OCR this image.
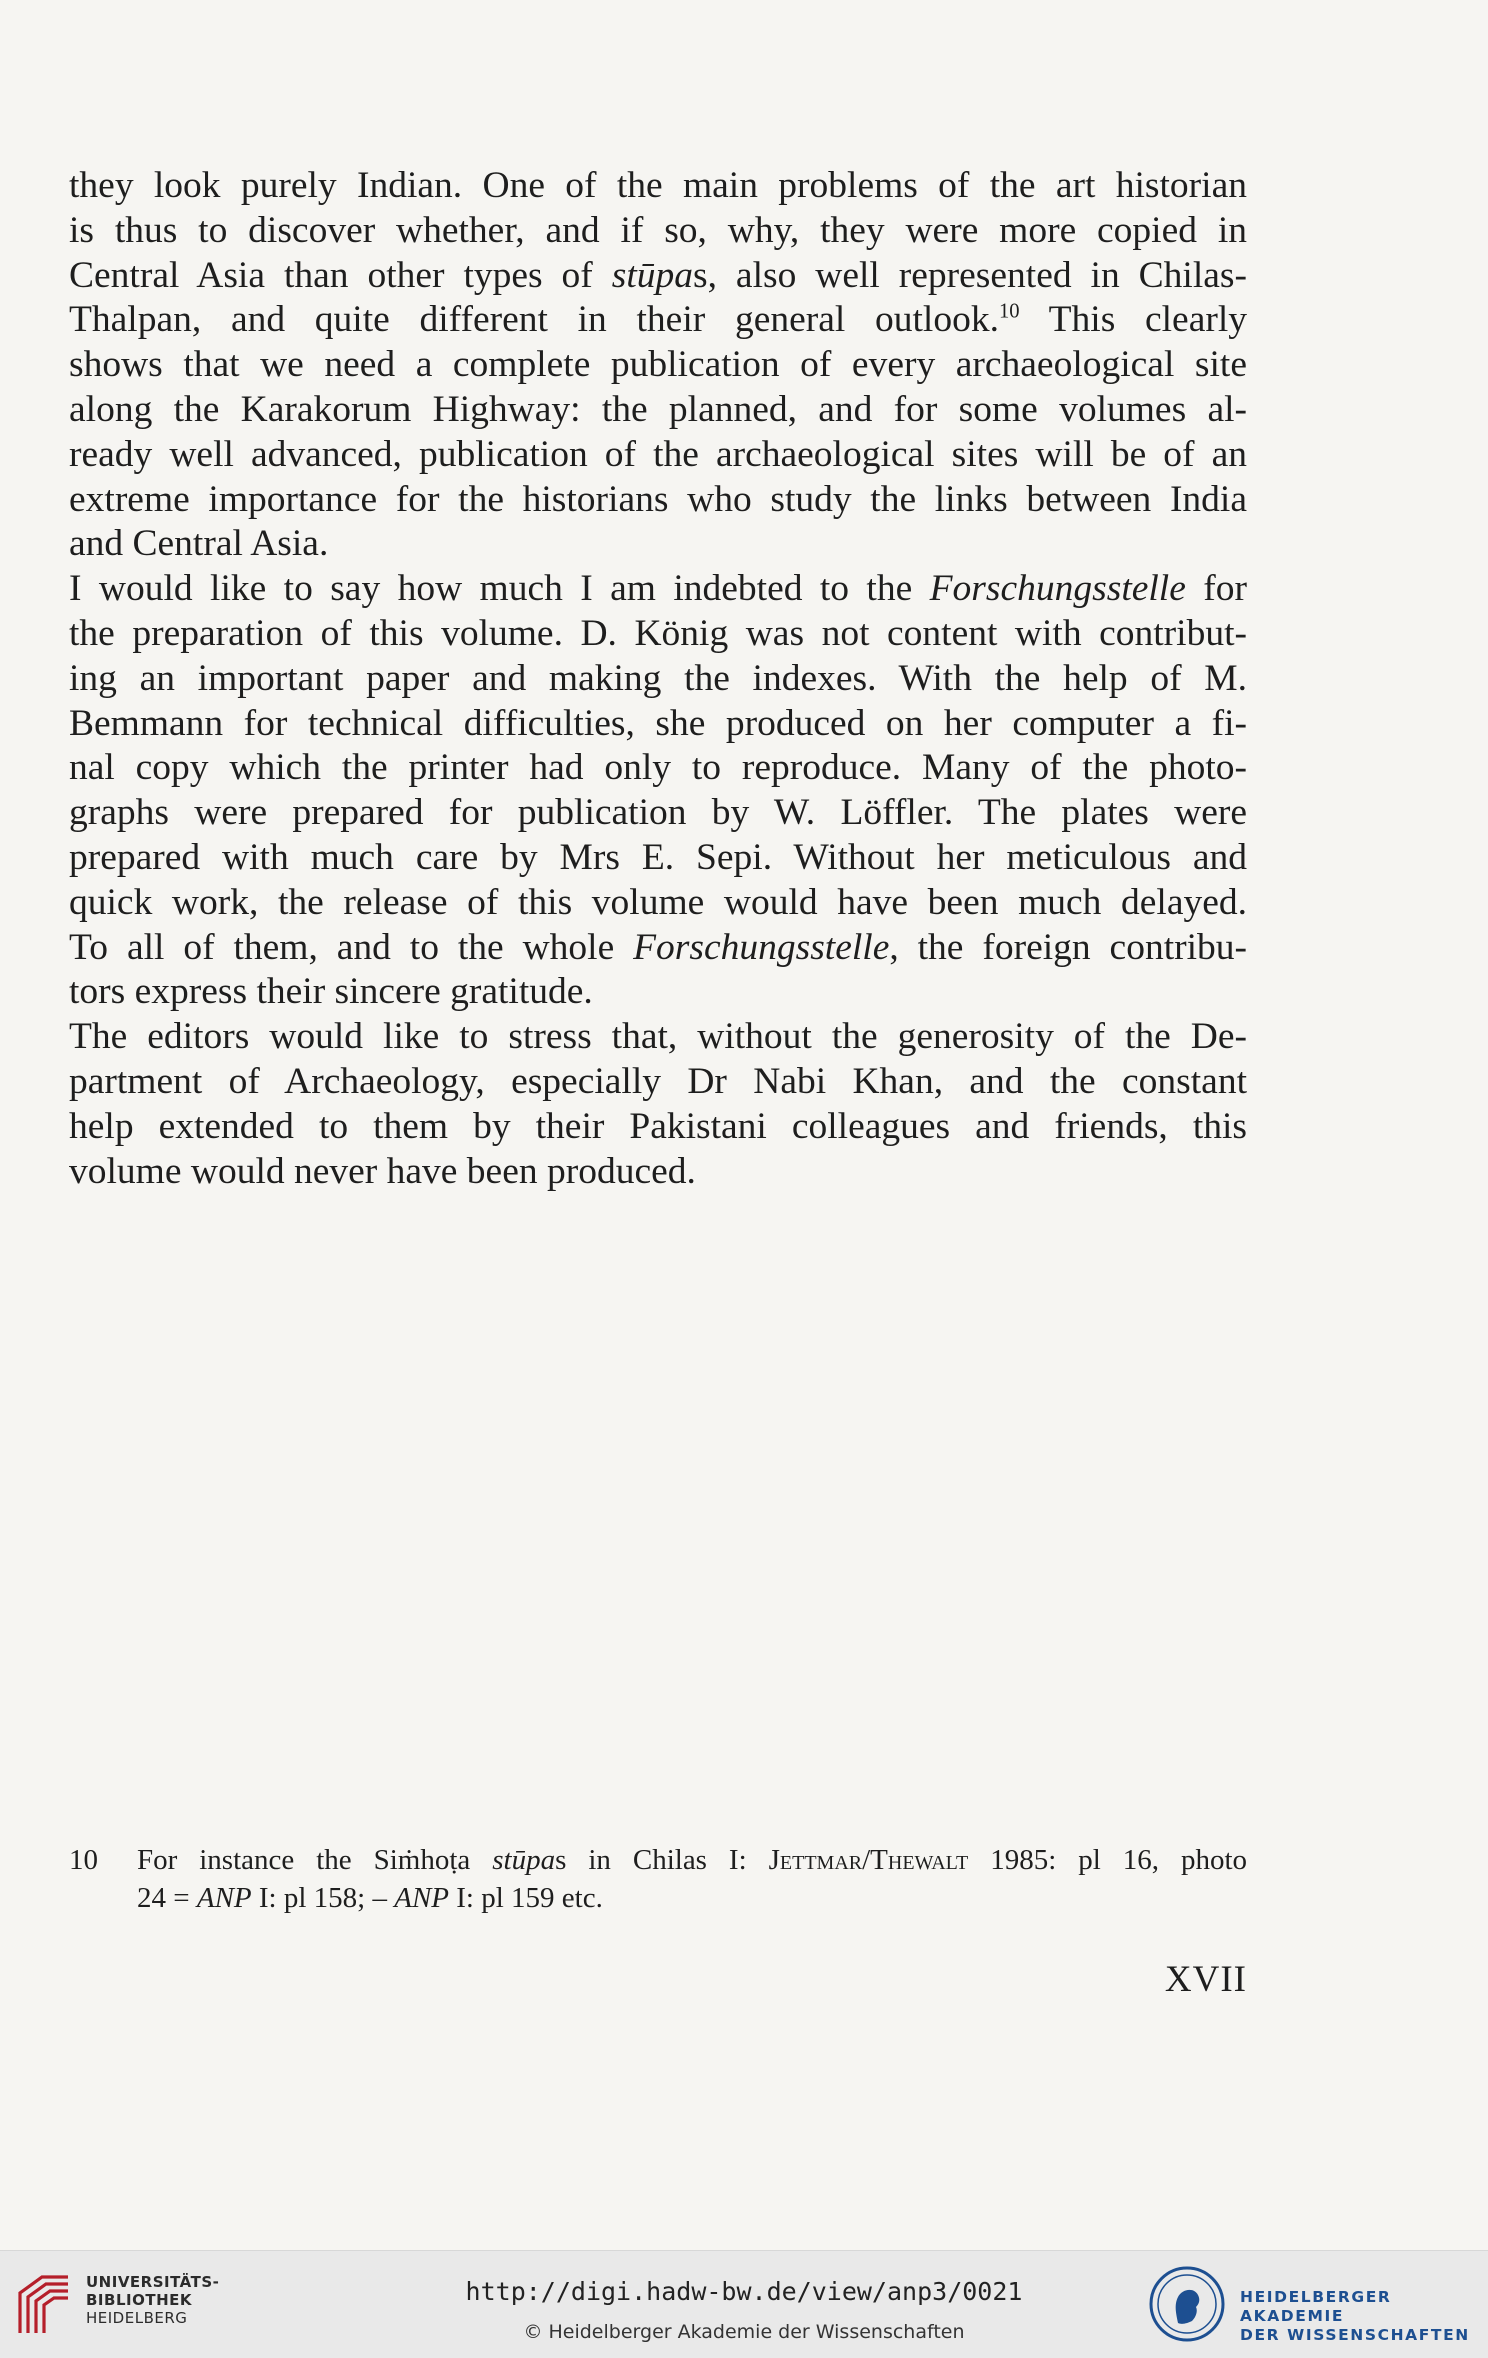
they look purely Indian. One of the main problems of the art historian
is thus to discover whether, and if so, why, they were more copied in
Central Asia than other types of stūpas, also well represented in Chilas-
Thalpan, and quite different in their general outlook.$^{10}$ This clearly
shows that we need a complete publication of every archaeological site
along the Karakorum Highway: the planned, and for some volumes al-
ready well advanced, publication of the archaeological sites will be of an
extreme importance for the historians who study the links between India
and Central Asia.
I would like to say how much I am indebted to the Forschungsstelle for
the preparation of this volume. D. König was not content with contribut-
ing an important paper and making the indexes. With the help of M.
Bemmann for technical difficulties, she produced on her computer a fi-
nal copy which the printer had only to reproduce. Many of the photo-
graphs were prepared for publication by W. Löffler. The plates were
prepared with much care by Mrs E. Sepi. Without her meticulous and
quick work, the release of this volume would have been much delayed.
To all of them, and to the whole Forschungsstelle, the foreign contribu-
tors express their sincere gratitude.
The editors would like to stress that, without the generosity of the De-
partment of Archaeology, especially Dr Nabi Khan, and the constant
help extended to them by their Pakistani colleagues and friends, this
volume would never have been produced.
10 For instance the Siṁhoṭa stūpas in Chilas I: Jettmar/Thewalt 1985: pl 16, photo
24 = ANP I: pl 158; – ANP I: pl 159 etc.
XVII
UNIVERSITÄTS-
BIBLIOTHEK
HEIDELBERG
http://digi.hadw-bw.de/view/anp3/0021
© Heidelberger Akademie der Wissenschaften
HEIDELBERGER AKADEMIE
DER WISSENSCHAFTEN
